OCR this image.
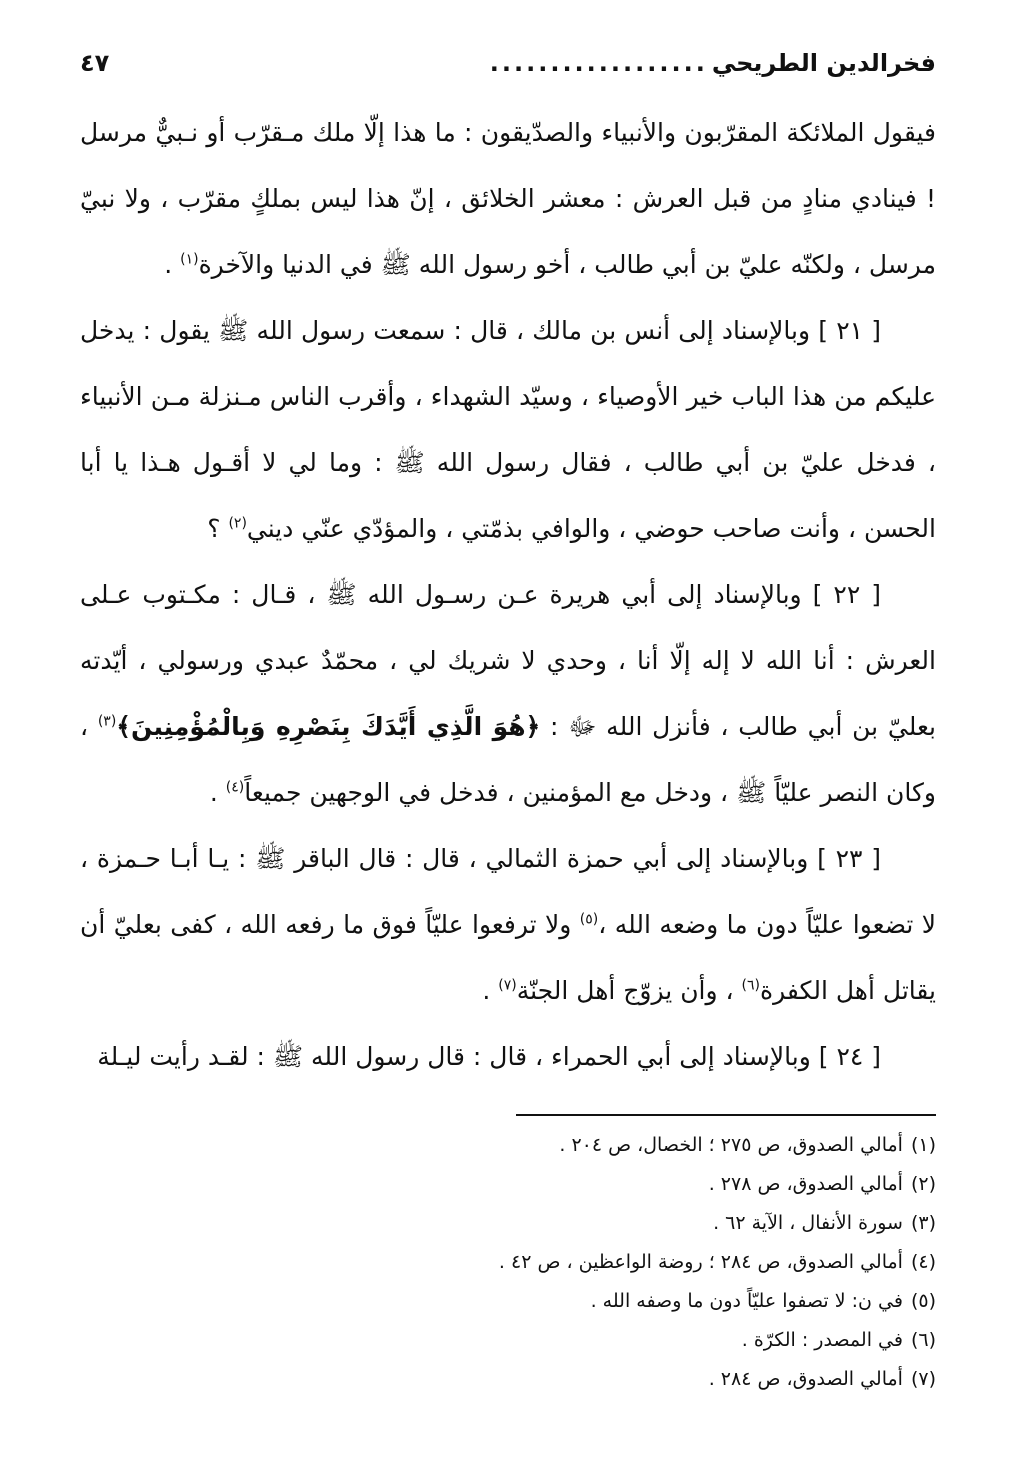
فخرالدين الطريحي
..................
٤٧

فيقول الملائكة المقرّبون والأنبياء والصدّيقون : ما هذا إلّا ملك مـقرّب أو نـبيٌّ مرسل ! فينادي منادٍ من قبل العرش : معشر الخلائق ، إنّ هذا ليس بملكٍ مقرّب ، ولا نبيّ مرسل ، ولكنّه عليّ بن أبي طالب ، أخو رسول الله ﷺ في الدنيا والآخرة$^{(١)}$ .

[ ٢١ ] وبالإسناد إلى أنس بن مالك ، قال : سمعت رسول الله ﷺ يقول : يدخل عليكم من هذا الباب خير الأوصياء ، وسيّد الشهداء ، وأقرب الناس مـنزلة مـن الأنبياء ، فدخل عليّ بن أبي طالب ، فقال رسول الله ﷺ : وما لي لا أقـول هـذا يا أبا الحسن ، وأنت صاحب حوضي ، والوافي بذمّتي ، والمؤدّي عنّي ديني$^{(٢)}$ ؟

[ ٢٢ ] وبالإسناد إلى أبي هريرة عـن رسـول الله ﷺ ، قـال : مكـتوب عـلى العرش : أنا الله لا إله إلّا أنا ، وحدي لا شريك لي ، محمّدٌ عبدي ورسولي ، أيّدته بعليّ بن أبي طالب ، فأنزل الله ﷻ : ﴿هُوَ الَّذِي أَيَّدَكَ بِنَصْرِهِ وَبِالْمُؤْمِنِينَ﴾$^{(٣)}$ ، وكان النصر عليّاً ﷺ ، ودخل مع المؤمنين ، فدخل في الوجهين جميعاً$^{(٤)}$ .

[ ٢٣ ] وبالإسناد إلى أبي حمزة الثمالي ، قال : قال الباقر ﷺ : يـا أبـا حـمزة ، لا تضعوا عليّاً دون ما وضعه الله ،$^{(٥)}$ ولا ترفعوا عليّاً فوق ما رفعه الله ، كفى بعليّ أن يقاتل أهل الكفرة$^{(٦)}$ ، وأن يزوّج أهل الجنّة$^{(٧)}$ .

[ ٢٤ ] وبالإسناد إلى أبي الحمراء ، قال : قال رسول الله ﷺ : لقـد رأيت ليـلة

(١)أمالي الصدوق، ص ٢٧٥ ؛ الخصال، ص ٢٠٤ .
(٢)أمالي الصدوق، ص ٢٧٨ .
(٣)سورة الأنفال ، الآية ٦٢ .
(٤)أمالي الصدوق، ص ٢٨٤ ؛ روضة الواعظين ، ص ٤٢ .
(٥)في ن: لا تصفوا عليّاً دون ما وصفه الله .
(٦)في المصدر : الكرّة .
(٧)أمالي الصدوق، ص ٢٨٤ .
